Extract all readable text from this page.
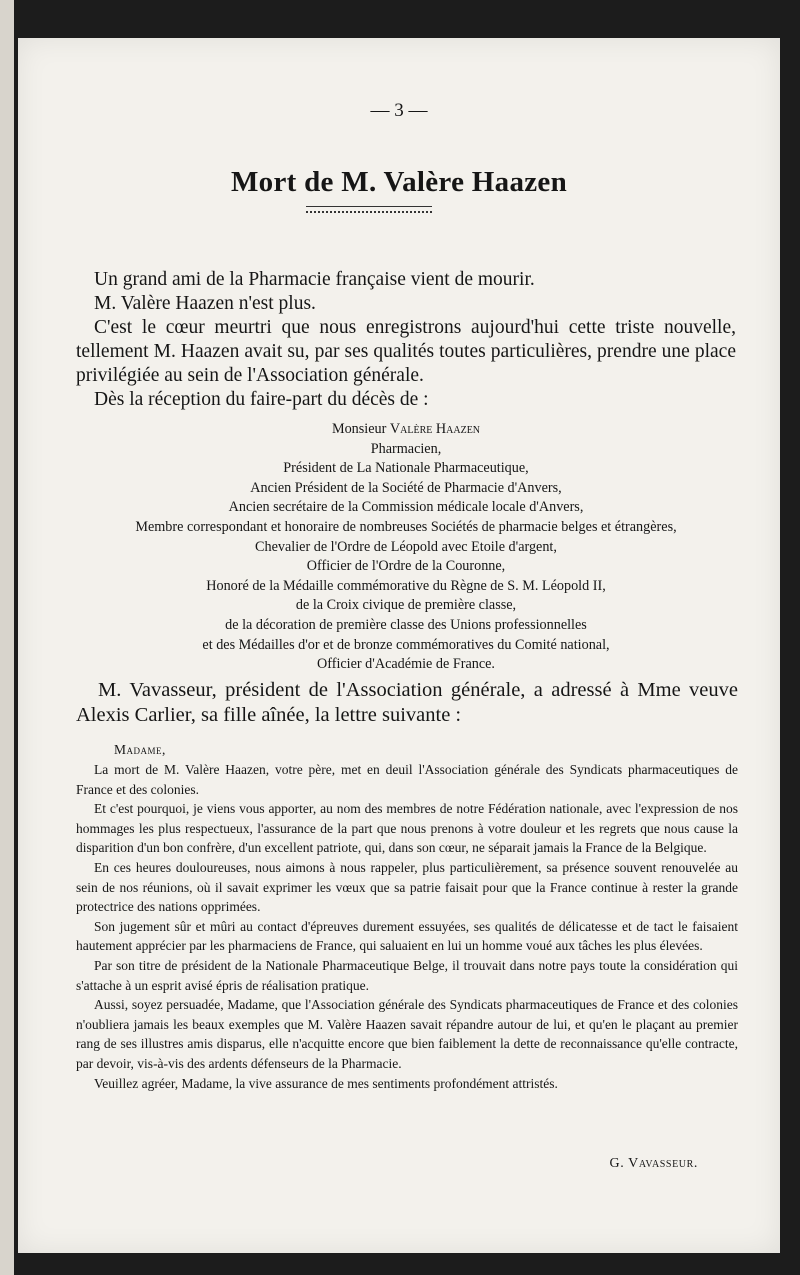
— 3 —
Mort de M. Valère Haazen

Un grand ami de la Pharmacie française vient de mourir.

M. Valère Haazen n'est plus.

C'est le cœur meurtri que nous enregistrons aujourd'hui cette triste nouvelle, tellement M. Haazen avait su, par ses qualités toutes particulières, prendre une place privilégiée au sein de l'Association générale.

Dès la réception du faire-part du décès de :

Monsieur Valère Haazen
Pharmacien,
Président de La Nationale Pharmaceutique,
Ancien Président de la Société de Pharmacie d'Anvers,
Ancien secrétaire de la Commission médicale locale d'Anvers,
Membre correspondant et honoraire de nombreuses Sociétés de pharmacie belges et étrangères,
Chevalier de l'Ordre de Léopold avec Etoile d'argent,
Officier de l'Ordre de la Couronne,
Honoré de la Médaille commémorative du Règne de S. M. Léopold II,
de la Croix civique de première classe,
de la décoration de première classe des Unions professionnelles
et des Médailles d'or et de bronze commémoratives du Comité national,
Officier d'Académie de France.

M. Vavasseur, président de l'Association générale, a adressé à Mme veuve Alexis Carlier, sa fille aînée, la lettre suivante :

Madame,

La mort de M. Valère Haazen, votre père, met en deuil l'Association générale des Syndicats pharmaceutiques de France et des colonies.

Et c'est pourquoi, je viens vous apporter, au nom des membres de notre Fédération nationale, avec l'expression de nos hommages les plus respectueux, l'assurance de la part que nous prenons à votre douleur et les regrets que nous cause la disparition d'un bon confrère, d'un excellent patriote, qui, dans son cœur, ne séparait jamais la France de la Belgique.

En ces heures douloureuses, nous aimons à nous rappeler, plus particulièrement, sa présence souvent renouvelée au sein de nos réunions, où il savait exprimer les vœux que sa patrie faisait pour que la France continue à rester la grande protectrice des nations opprimées.

Son jugement sûr et mûri au contact d'épreuves durement essuyées, ses qualités de délicatesse et de tact le faisaient hautement apprécier par les pharmaciens de France, qui saluaient en lui un homme voué aux tâches les plus élevées.

Par son titre de président de la Nationale Pharmaceutique Belge, il trouvait dans notre pays toute la considération qui s'attache à un esprit avisé épris de réalisation pratique.

Aussi, soyez persuadée, Madame, que l'Association générale des Syndicats pharmaceutiques de France et des colonies n'oubliera jamais les beaux exemples que M. Valère Haazen savait répandre autour de lui, et qu'en le plaçant au premier rang de ses illustres amis disparus, elle n'acquitte encore que bien faiblement la dette de reconnaissance qu'elle contracte, par devoir, vis-à-vis des ardents défenseurs de la Pharmacie.

Veuillez agréer, Madame, la vive assurance de mes sentiments profondément attristés.

G. Vavasseur.
